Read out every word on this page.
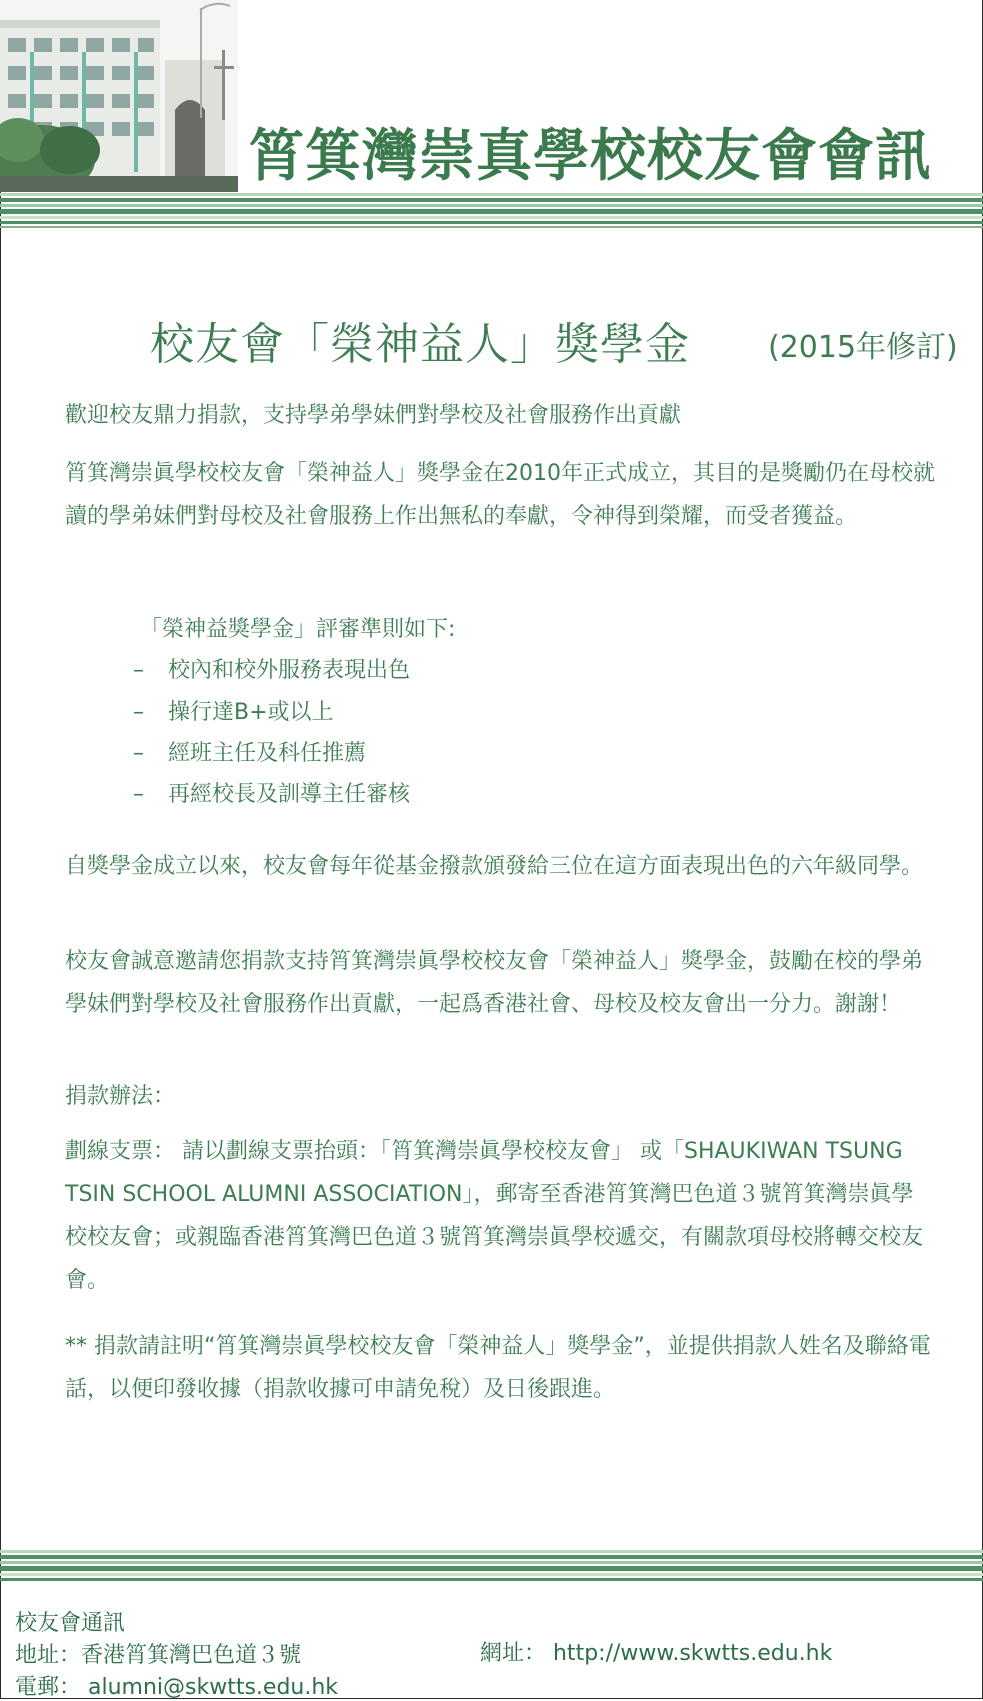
筲箕灣崇真學校校友會會訊
校友會「榮神益人」獎學金	(2015年修訂)
歡迎校友鼎力捐款，支持學弟學妹們對學校及社會服務作出貢獻
筲箕灣崇眞學校校友會「榮神益人」獎學金在2010年正式成立，其目的是獎勵仍在母校就讀的學弟妹們對母校及社會服務上作出無私的奉獻，令神得到榮耀，而受者獲益。
「榮神益獎學金」評審準則如下:
– 校內和校外服務表現出色
– 操行達B+或以上
– 經班主任及科任推薦
– 再經校長及訓導主任審核
自獎學金成立以來，校友會每年從基金撥款頒發給三位在這方面表現出色的六年級同學。
校友會誠意邀請您捐款支持筲箕灣崇眞學校校友會「榮神益人」獎學金，鼓勵在校的學弟學妹們對學校及社會服務作出貢獻，一起爲香港社會、母校及校友會出一分力。謝謝！
捐款辦法：
劃線支票： 請以劃線支票抬頭：「筲箕灣崇眞學校校友會」 或「SHAUKIWAN TSUNG TSIN SCHOOL ALUMNI ASSOCIATION」，郵寄至香港筲箕灣巴色道３號筲箕灣崇眞學校校友會；或親臨香港筲箕灣巴色道３號筲箕灣崇眞學校遞交，有關款項母校將轉交校友會。
** 捐款請註明“筲箕灣崇眞學校校友會「榮神益人」獎學金”，並提供捐款人姓名及聯絡電話，以便印發收據（捐款收據可申請免稅）及日後跟進。
校友會通訊
地址：香港筲箕灣巴色道３號
電郵： alumni@skwtts.edu.hk
網址： http://www.skwtts.edu.hk
